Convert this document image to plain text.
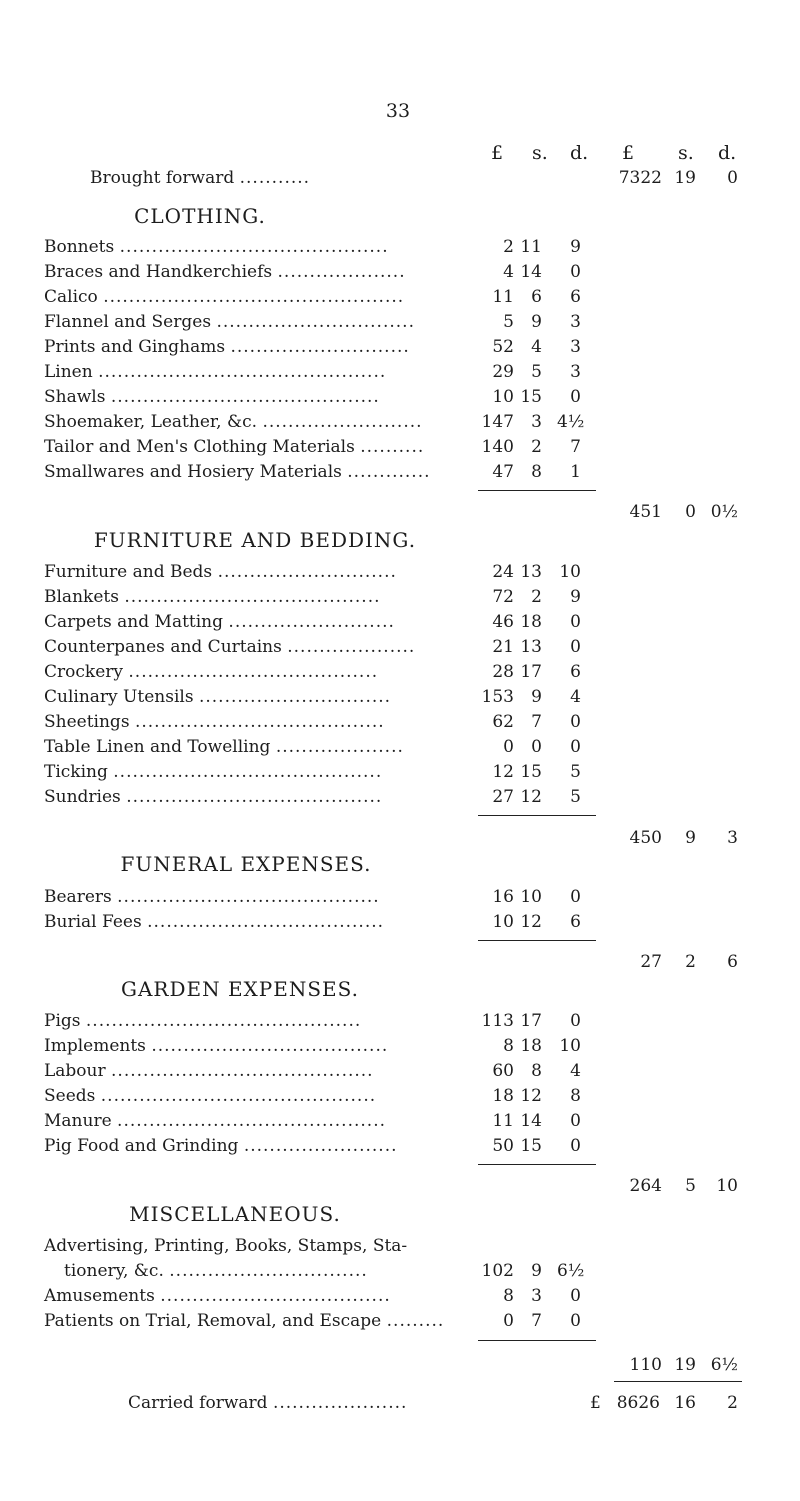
33
£ s. d. £ s. d.
Brought forward ...........	7322 19	0
CLOTHING.
Bonnets ..........................................	2 11	9
Braces and Handkerchiefs ....................	4 14	0
Calico ...............................................	11	6	6
Flannel and Serges ...............................	5	9	3
Prints and Ginghams ............................	52	4	3
Linen .............................................	29	5	3
Shawls ..........................................	10 15	0
Shoemaker, Leather, &c. .........................	147	3 4½
Tailor and Men's Clothing Materials ..........	140	2	7
Smallwares and Hosiery Materials .............	47	8	1
451	0 0½
FURNITURE AND BEDDING.
Furniture and Beds ............................	24 13 10
Blankets ........................................	72	2	9
Carpets and Matting ..........................	46 18	0
Counterpanes and Curtains ....................	21 13	0
Crockery .......................................	28 17	6
Culinary Utensils ..............................	153	9	4
Sheetings .......................................	62	7	0
Table Linen and Towelling ....................	0	0	0
Ticking ..........................................	12 15	5
Sundries ........................................	27 12	5
450	9	3
FUNERAL EXPENSES.
Bearers .........................................	16 10	0
Burial Fees .....................................	10 12	6
27	2	6
GARDEN EXPENSES.
Pigs ...........................................	113 17	0
Implements .....................................	8 18 10
Labour .........................................	60	8	4
Seeds ...........................................	18 12	8
Manure ..........................................	11 14	0
Pig Food and Grinding ........................	50 15	0
264	5	10
MISCELLANEOUS.
Advertising, Printing, Books, Stamps, Sta-
tionery, &c. ...............................	102	9 6½
Amusements ....................................	8	3	0
Patients on Trial, Removal, and Escape .........	0	7	0
110 19 6½
Carried forward .....................	£ 8626 16	2
